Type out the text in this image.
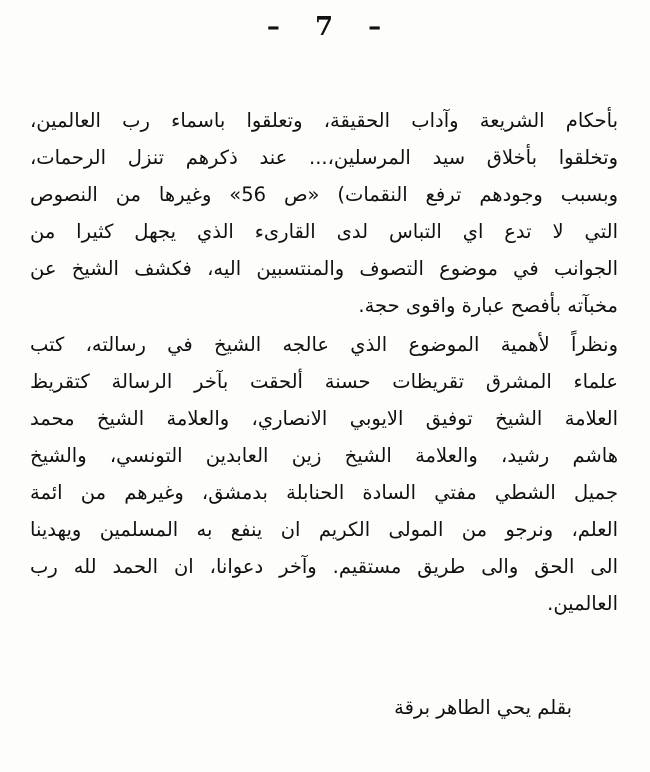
– 7 –

بأحكام الشريعة وآداب الحقيقة، وتعلقوا باسماء رب العالمين،
وتخلقوا بأخلاق سيد المرسلين،... عند ذكرهم تنزل الرحمات،
وبسبب وجودهم ترفع النقمات) «ص 56» وغيرها من النصوص
التي لا تدع اي التباس لدى القارىء الذي يجهل كثيرا من
الجوانب في موضوع التصوف والمنتسبين اليه، فكشف الشيخ عن
مخبآته بأفصح عبارة واقوى حجة.

ونظراً لأهمية الموضوع الذي عالجه الشيخ في رسالته، كتب
علماء المشرق تقريظات حسنة ألحقت بآخر الرسالة كتقريظ
العلامة الشيخ توفيق الايوبي الانصاري، والعلامة الشيخ محمد
هاشم رشيد، والعلامة الشيخ زين العابدين التونسي، والشيخ
جميل الشطي مفتي السادة الحنابلة بدمشق، وغيرهم من ائمة
العلم، ونرجو من المولى الكريم ان ينفع به المسلمين ويهدينا
الى الحق والى طريق مستقيم. وآخر دعوانا، ان الحمد لله رب
العالمين.

بقلم يحي الطاهر برقة
